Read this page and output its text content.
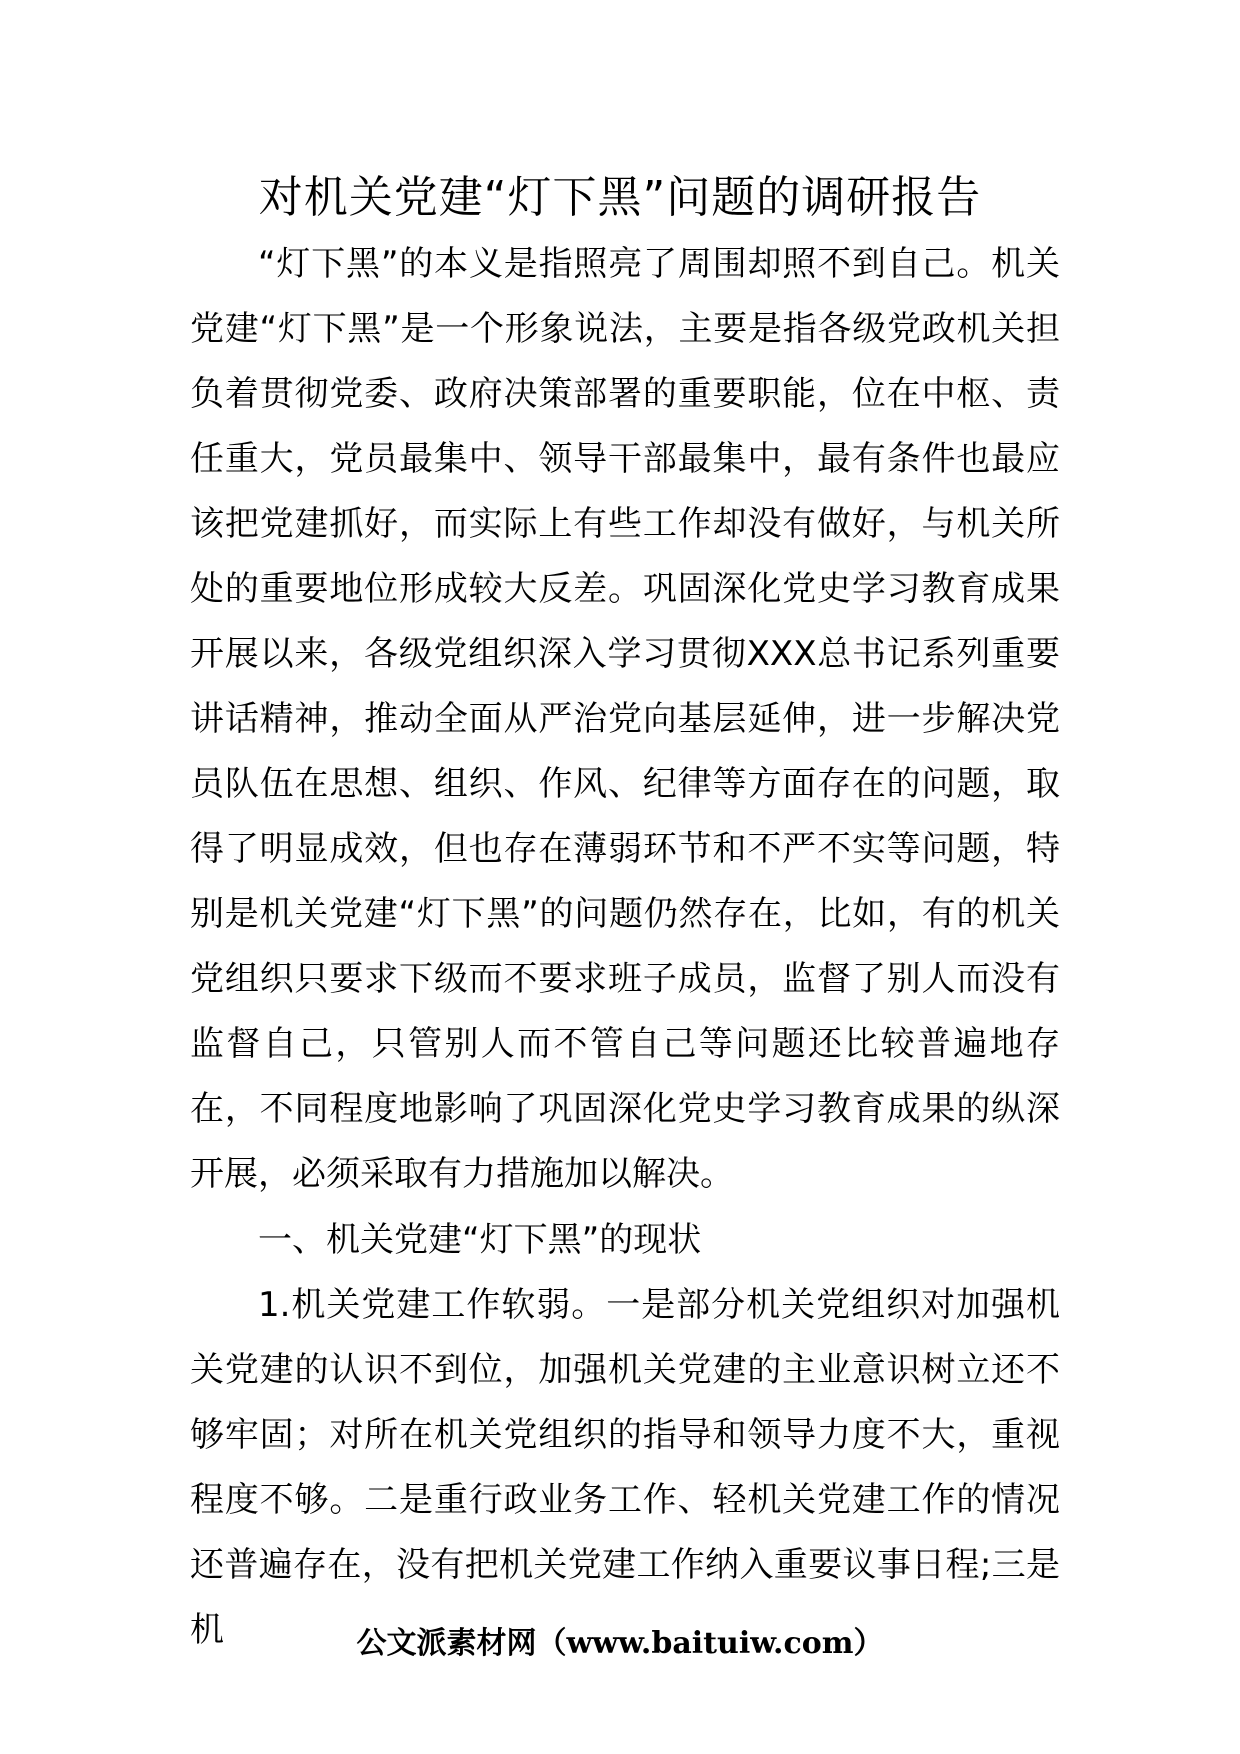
对机关党建“灯下黑”问题的调研报告

“灯下黑”的本义是指照亮了周围却照不到自己。机关党建“灯下黑”是一个形象说法，主要是指各级党政机关担负着贯彻党委、政府决策部署的重要职能，位在中枢、责任重大，党员最集中、领导干部最集中，最有条件也最应该把党建抓好，而实际上有些工作却没有做好，与机关所处的重要地位形成较大反差。巩固深化党史学习教育成果开展以来，各级党组织深入学习贯彻XXX总书记系列重要讲话精神，推动全面从严治党向基层延伸，进一步解决党员队伍在思想、组织、作风、纪律等方面存在的问题，取得了明显成效，但也存在薄弱环节和不严不实等问题，特别是机关党建“灯下黑”的问题仍然存在，比如，有的机关党组织只要求下级而不要求班子成员，监督了别人而没有监督自己，只管别人而不管自己等问题还比较普遍地存在，不同程度地影响了巩固深化党史学习教育成果的纵深开展，必须采取有力措施加以解决。

一、机关党建“灯下黑”的现状

1.机关党建工作软弱。一是部分机关党组织对加强机关党建的认识不到位，加强机关党建的主业意识树立还不够牢固；对所在机关党组织的指导和领导力度不大，重视程度不够。二是重行政业务工作、轻机关党建工作的情况还普遍存在，没有把机关党建工作纳入重要议事日程;三是机	公文派素材网（www.baituiw.com）
